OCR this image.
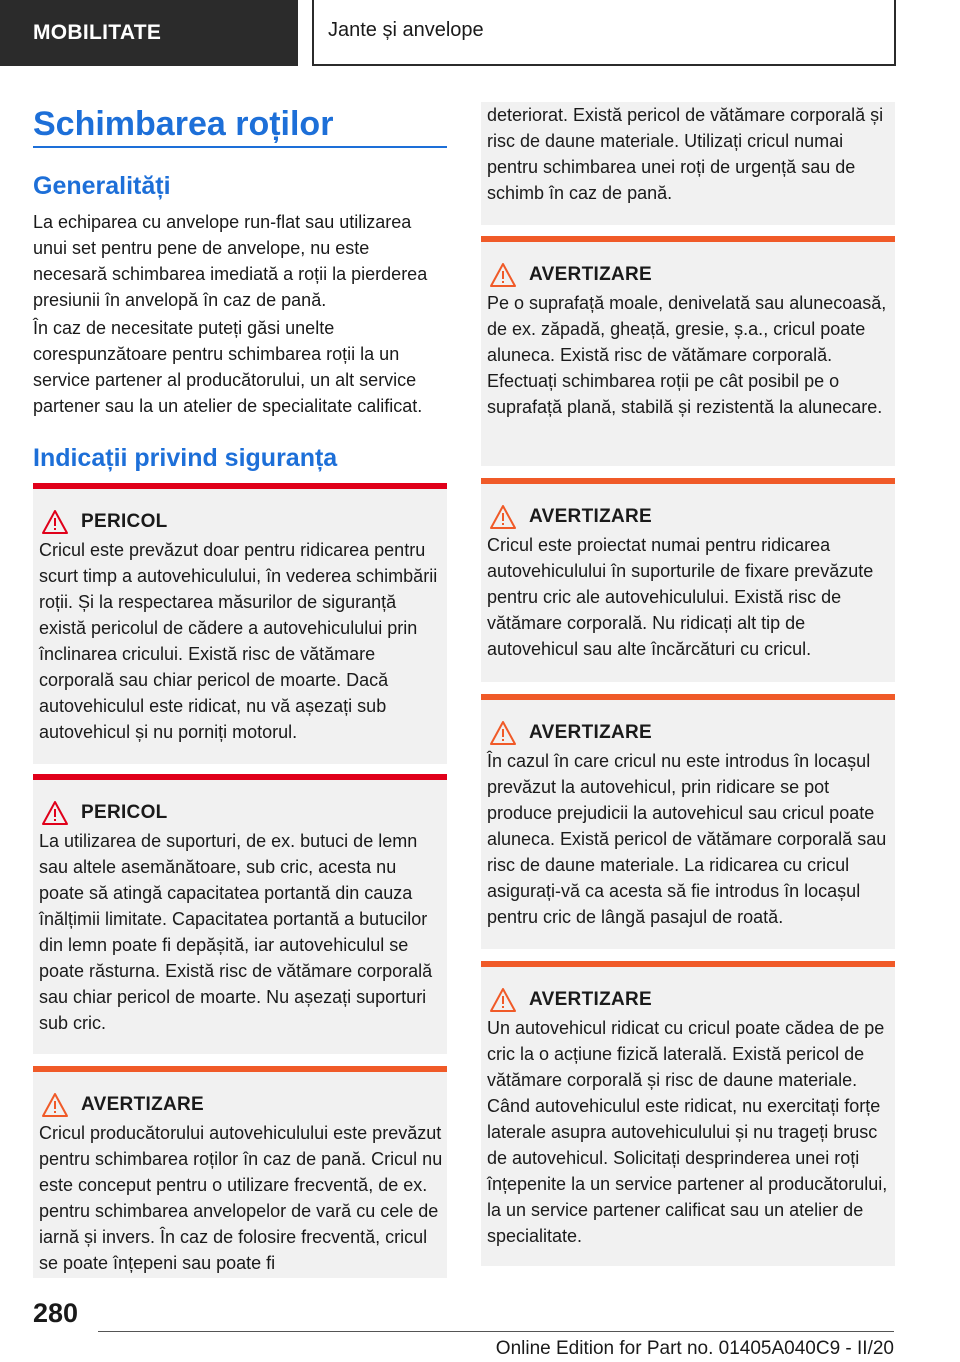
MOBILITATE	Jante și anvelope
Schimbarea roților
Generalități

La echiparea cu anvelope run-flat sau utilizarea unui set pentru pene de anvelope, nu este necesară schimbarea imediată a roții la pierderea presiunii în anvelopă în caz de pană.

În caz de necesitate puteți găsi unelte corespunzătoare pentru schimbarea roții la un service partener al producătorului, un alt service partener sau la un atelier de specialitate calificat.

Indicații privind siguranța
PERICOL

Cricul este prevăzut doar pentru ridicarea pentru scurt timp a autovehiculului, în vederea schimbării roții. Și la respectarea măsurilor de siguranță există pericolul de cădere a autovehiculului prin înclinarea cricului. Există risc de vătămare corporală sau chiar pericol de moarte. Dacă autovehiculul este ridicat, nu vă așezați sub autovehicul și nu porniți motorul.

PERICOL

La utilizarea de suporturi, de ex. butuci de lemn sau altele asemănătoare, sub cric, acesta nu poate să atingă capacitatea portantă din cauza înălțimii limitate. Capacitatea portantă a butucilor din lemn poate fi depășită, iar autovehiculul se poate răsturna. Există risc de vătămare corporală sau chiar pericol de moarte. Nu așezați suporturi sub cric.

AVERTIZARE

Cricul producătorului autovehiculului este prevăzut pentru schimbarea roților în caz de pană. Cricul nu este conceput pentru o utilizare frecventă, de ex. pentru schimbarea anvelopelor de vară cu cele de iarnă și invers. În caz de folosire frecventă, cricul se poate înțepeni sau poate fi

deteriorat. Există pericol de vătămare corporală și risc de daune materiale. Utilizați cricul numai pentru schimbarea unei roți de urgență sau de schimb în caz de pană.

AVERTIZARE

Pe o suprafață moale, denivelată sau alunecoasă, de ex. zăpadă, gheață, gresie, ș.a., cricul poate aluneca. Există risc de vătămare corporală. Efectuați schimbarea roții pe cât posibil pe o suprafață plană, stabilă și rezistentă la alunecare.

AVERTIZARE

Cricul este proiectat numai pentru ridicarea autovehiculului în suporturile de fixare prevăzute pentru cric ale autovehiculului. Există risc de vătămare corporală. Nu ridicați alt tip de autovehicul sau alte încărcături cu cricul.

AVERTIZARE

În cazul în care cricul nu este introdus în locașul prevăzut la autovehicul, prin ridicare se pot produce prejudicii la autovehicul sau cricul poate aluneca. Există pericol de vătămare corporală sau risc de daune materiale. La ridicarea cu cricul asigurați-vă ca acesta să fie introdus în locașul pentru cric de lângă pasajul de roată.

AVERTIZARE

Un autovehicul ridicat cu cricul poate cădea de pe cric la o acțiune fizică laterală. Există pericol de vătămare corporală și risc de daune materiale. Când autovehiculul este ridicat, nu exercitați forțe laterale asupra autovehiculului și nu trageți brusc de autovehicul. Solicitați desprinderea unei roți înțepenite la un service partener al producătorului, la un service partener calificat sau un atelier de specialitate.

280
Online Edition for Part no. 01405A040C9 - II/20
